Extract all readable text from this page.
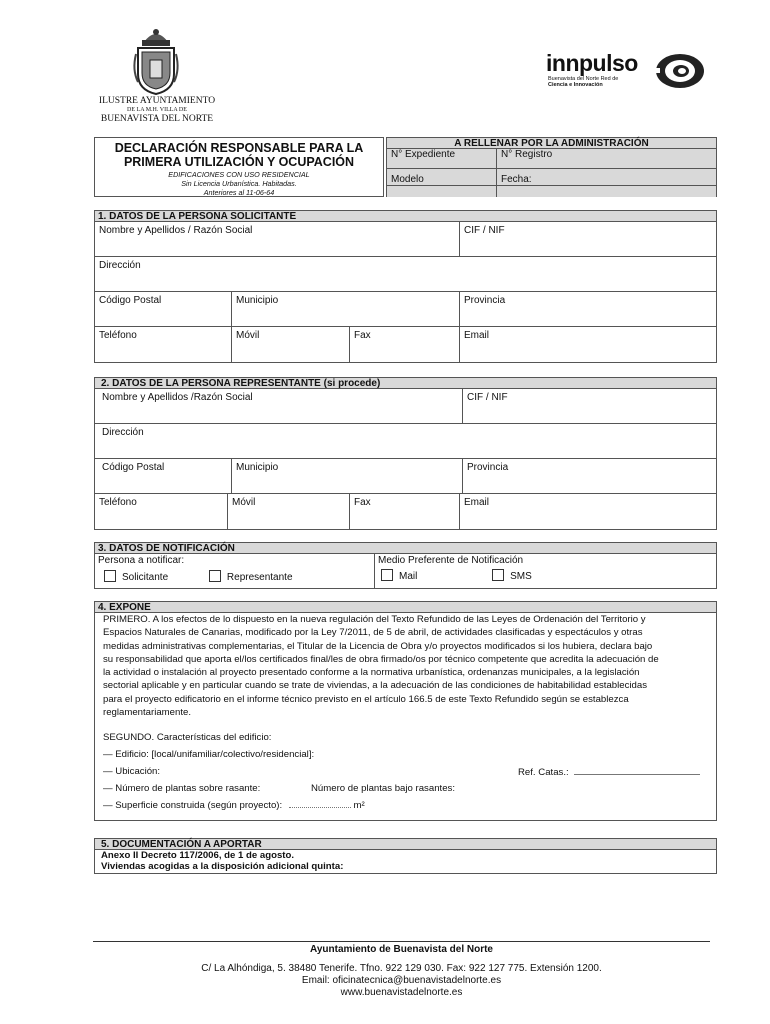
ILUSTRE AYUNTAMIENTO
DE LA M.H. VILLA DE
BUENAVISTA DEL NORTE
innpulso
Buenavista del Norte Red de
Ciencia e Innovación
DECLARACIÓN RESPONSABLE PARA LA
PRIMERA UTILIZACIÓN Y OCUPACIÓN
EDIFICACIONES CON USO RESIDENCIAL
Sin Licencia Urbanística. Habitadas.
Anteriores al 11-06-64
A RELLENAR POR LA ADMINISTRACIÓN
N° Expediente	N° Registro
Modelo	Fecha:
1. DATOS DE LA PERSONA SOLICITANTE
Nombre y Apellidos / Razón Social	CIF / NIF
Dirección
Código Postal	Municipio	Provincia
Teléfono	Móvil	Fax	Email
2. DATOS DE LA PERSONA REPRESENTANTE (si procede)
Nombre y Apellidos /Razón Social	CIF / NIF
Dirección
Código Postal	Municipio	Provincia
Teléfono	Móvil	Fax	Email
3. DATOS DE NOTIFICACIÓN
Persona a notificar:
Solicitante	Representante
Medio Preferente de Notificación
Mail	SMS
4. EXPONE
PRIMERO. A los efectos de lo dispuesto en la nueva regulación del Texto Refundido de las Leyes de Ordenación del Territorio y
Espacios Naturales de Canarias, modificado por la Ley 7/2011, de 5 de abril, de actividades clasificadas y espectáculos y otras
medidas administrativas complementarias, el Titular de la Licencia de Obra y/o proyectos modificados si los hubiera, declara bajo
su responsabilidad que aporta el/los certificados final/les de obra firmado/os por técnico competente que acredita la adecuación de
la actividad o instalación al proyecto presentado conforme a la normativa urbanística, ordenanzas municipales, a la legislación
sectorial aplicable y en particular cuando se trate de viviendas, a la adecuación de las condiciones de habitabilidad establecidas
para el proyecto edificatorio en el informe técnico previsto en el artículo 166.5 de este Texto Refundido según se establezca
reglamentariamente.
SEGUNDO. Características del edificio:
— Edificio: [local/unifamiliar/colectivo/residencial]:
— Ubicación:	Ref. Catas.:
— Número de plantas sobre rasante:	Número de plantas bajo rasantes:
— Superficie construida (según proyecto):	m²
5. DOCUMENTACIÓN A APORTAR
Anexo II Decreto 117/2006, de 1 de agosto.
Viviendas acogidas a la disposición adicional quinta:
Ayuntamiento de Buenavista del Norte
C/ La Alhóndiga, 5. 38480 Tenerife. Tfno. 922 129 030. Fax: 922 127 775. Extensión 1200.
Email: oficinatecnica@buenavistadelnorte.es
www.buenavistadelnorte.es
